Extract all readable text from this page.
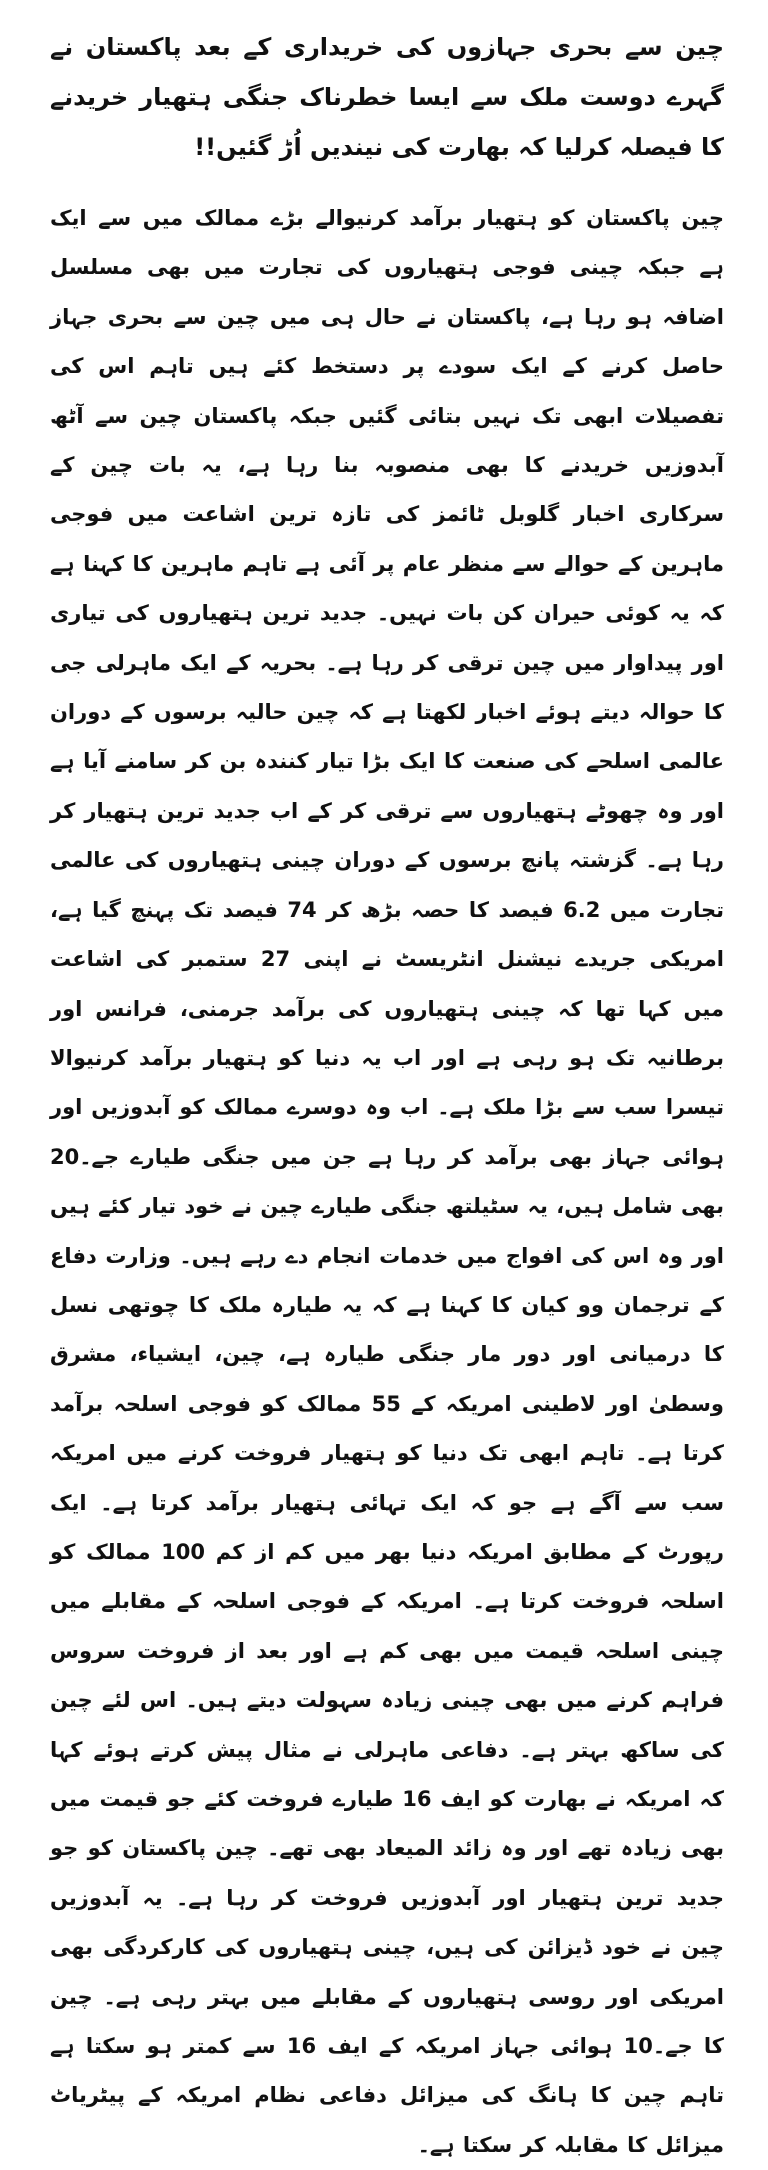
چین سے بحری جہازوں کی خریداری کے بعد پاکستان نے گہرے دوست ملک سے ایسا خطرناک جنگی ہتھیار خریدنے کا فیصلہ کرلیا کہ بھارت کی نیندیں اُڑ گئیں!!

چین پاکستان کو ہتھیار برآمد کرنیوالے بڑے ممالک میں سے ایک ہے جبکہ چینی فوجی ہتھیاروں کی تجارت میں بھی مسلسل اضافہ ہو رہا ہے، پاکستان نے حال ہی میں چین سے بحری جہاز حاصل کرنے کے ایک سودے پر دستخط کئے ہیں تاہم اس کی تفصیلات ابھی تک نہیں بتائی گئیں جبکہ پاکستان چین سے آٹھ آبدوزیں خریدنے کا بھی منصوبہ بنا رہا ہے، یہ بات چین کے سرکاری اخبار گلوبل ٹائمز کی تازہ ترین اشاعت میں فوجی ماہرین کے حوالے سے منظر عام پر آئی ہے تاہم ماہرین کا کہنا ہے کہ یہ کوئی حیران کن بات نہیں۔ جدید ترین ہتھیاروں کی تیاری اور پیداوار میں چین ترقی کر رہا ہے۔ بحریہ کے ایک ماہرلی جی کا حوالہ دیتے ہوئے اخبار لکھتا ہے کہ چین حالیہ برسوں کے دوران عالمی اسلحے کی صنعت کا ایک بڑا تیار کنندہ بن کر سامنے آیا ہے اور وہ چھوٹے ہتھیاروں سے ترقی کر کے اب جدید ترین ہتھیار کر رہا ہے۔ گزشتہ پانچ برسوں کے دوران چینی ہتھیاروں کی عالمی تجارت میں 6.2 فیصد کا حصہ بڑھ کر 74 فیصد تک پہنچ گیا ہے، امریکی جریدے نیشنل انٹریسٹ نے اپنی 27 ستمبر کی اشاعت میں کہا تھا کہ چینی ہتھیاروں کی برآمد جرمنی، فرانس اور برطانیہ تک ہو رہی ہے اور اب یہ دنیا کو ہتھیار برآمد کرنیوالا تیسرا سب سے بڑا ملک ہے۔ اب وہ دوسرے ممالک کو آبدوزیں اور ہوائی جہاز بھی برآمد کر رہا ہے جن میں جنگی طیارے جے۔20 بھی شامل ہیں، یہ سٹیلتھ جنگی طیارے چین نے خود تیار کئے ہیں اور وہ اس کی افواج میں خدمات انجام دے رہے ہیں۔ وزارت دفاع کے ترجمان وو کیان کا کہنا ہے کہ یہ طیارہ ملک کا چوتھی نسل کا درمیانی اور دور مار جنگی طیارہ ہے، چین، ایشیاء، مشرق وسطیٰ اور لاطینی امریکہ کے 55 ممالک کو فوجی اسلحہ برآمد کرتا ہے۔ تاہم ابھی تک دنیا کو ہتھیار فروخت کرنے میں امریکہ سب سے آگے ہے جو کہ ایک تہائی ہتھیار برآمد کرتا ہے۔ ایک رپورٹ کے مطابق امریکہ دنیا بھر میں کم از کم 100 ممالک کو اسلحہ فروخت کرتا ہے۔ امریکہ کے فوجی اسلحہ کے مقابلے میں چینی اسلحہ قیمت میں بھی کم ہے اور بعد از فروخت سروس فراہم کرنے میں بھی چینی زیادہ سہولت دیتے ہیں۔ اس لئے چین کی ساکھ بہتر ہے۔ دفاعی ماہرلی نے مثال پیش کرتے ہوئے کہا کہ امریکہ نے بھارت کو ایف 16 طیارے فروخت کئے جو قیمت میں بھی زیادہ تھے اور وہ زائد المیعاد بھی تھے۔ چین پاکستان کو جو جدید ترین ہتھیار اور آبدوزیں فروخت کر رہا ہے۔ یہ آبدوزیں چین نے خود ڈیزائن کی ہیں، چینی ہتھیاروں کی کارکردگی بھی امریکی اور روسی ہتھیاروں کے مقابلے میں بہتر رہی ہے۔ چین کا جے۔10 ہوائی جہاز امریکہ کے ایف 16 سے کمتر ہو سکتا ہے تاہم چین کا ہانگ کی میزائل دفاعی نظام امریکہ کے پیٹریاٹ میزائل کا مقابلہ کر سکتا ہے۔
